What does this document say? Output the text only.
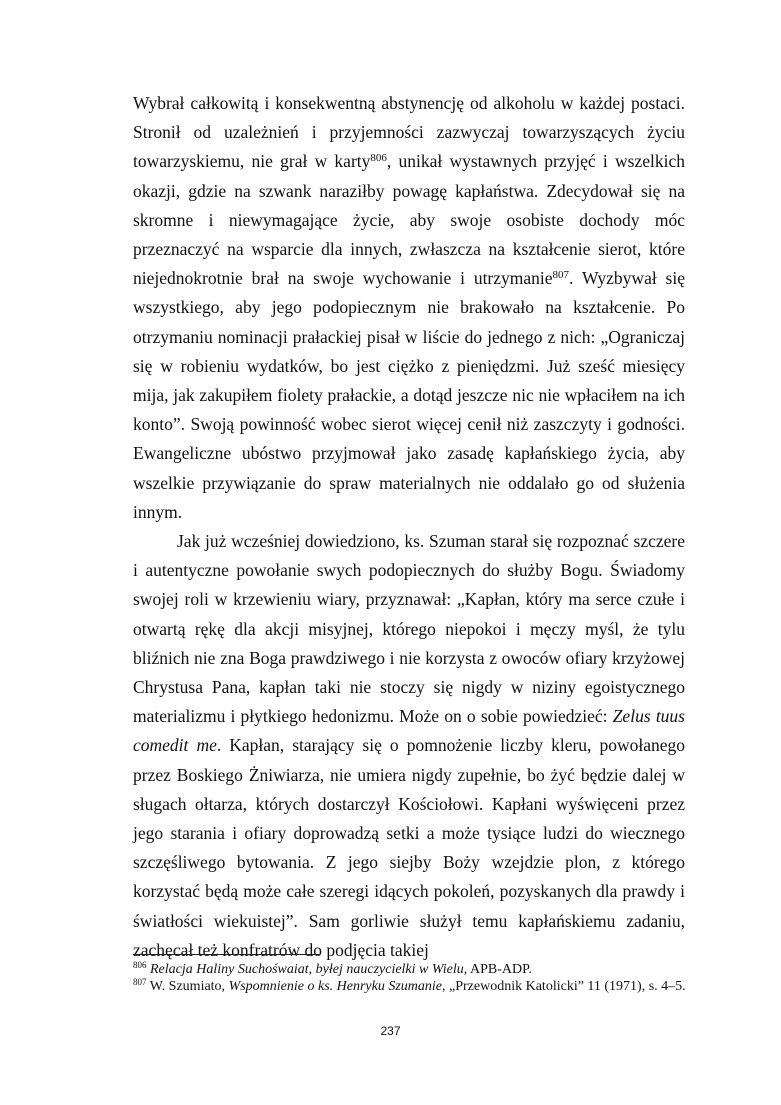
Wybrał całkowitą i konsekwentną abstynencję od alkoholu w każdej postaci. Stronił od uzależnień i przyjemności zazwyczaj towarzyszących życiu towarzyskiemu, nie grał w karty$^{806}$, unikał wystawnych przyjęć i wszelkich okazji, gdzie na szwank naraziłby powagę kapłaństwa. Zdecydował się na skromne i niewymagające życie, aby swoje osobiste dochody móc przeznaczyć na wsparcie dla innych, zwłaszcza na kształcenie sierot, które niejednokrotnie brał na swoje wychowanie i utrzymanie$^{807}$. Wyzbywał się wszystkiego, aby jego podopiecznym nie brakowało na kształcenie. Po otrzymaniu nominacji prałackiej pisał w liście do jednego z nich: „Ograniczaj się w robieniu wydatków, bo jest ciężko z pieniędzmi. Już sześć miesięcy mija, jak zakupiłem fiolety prałackie, a dotąd jeszcze nic nie wpłaciłem na ich konto”. Swoją powinność wobec sierot więcej cenił niż zaszczyty i godności. Ewangeliczne ubóstwo przyjmował jako zasadę kapłańskiego życia, aby wszelkie przywiązanie do spraw materialnych nie oddalało go od służenia innym.

Jak już wcześniej dowiedziono, ks. Szuman starał się rozpoznać szczere i autentyczne powołanie swych podopiecznych do służby Bogu. Świadomy swojej roli w krzewieniu wiary, przyznawał: „Kapłan, który ma serce czułe i otwartą rękę dla akcji misyjnej, którego niepokoi i męczy myśl, że tylu bliźnich nie zna Boga prawdziwego i nie korzysta z owoców ofiary krzyżowej Chrystusa Pana, kapłan taki nie stoczy się nigdy w niziny egoistycznego materializmu i płytkiego hedonizmu. Może on o sobie powiedzieć: Zelus tuus comedit me. Kapłan, starający się o pomnożenie liczby kleru, powołanego przez Boskiego Żniwiarza, nie umiera nigdy zupełnie, bo żyć będzie dalej w sługach ołtarza, których dostarczył Kościołowi. Kapłani wyświęceni przez jego starania i ofiary doprowadzą setki a może tysiące ludzi do wiecznego szczęśliwego bytowania. Z jego siejby Boży wzejdzie plon, z którego korzystać będą może całe szeregi idących pokoleń, pozyskanych dla prawdy i światłości wiekuistej”. Sam gorliwie służył temu kapłańskiemu zadaniu, zachęcał też konfratrów do podjęcia takiej

$^{806}$ Relacja Haliny Suchośwaiat, byłej nauczycielki w Wielu, APB-ADP.

$^{807}$ W. Szumiato, Wspomnienie o ks. Henryku Szumanie, „Przewodnik Katolicki” 11 (1971), s. 4–5.

237
